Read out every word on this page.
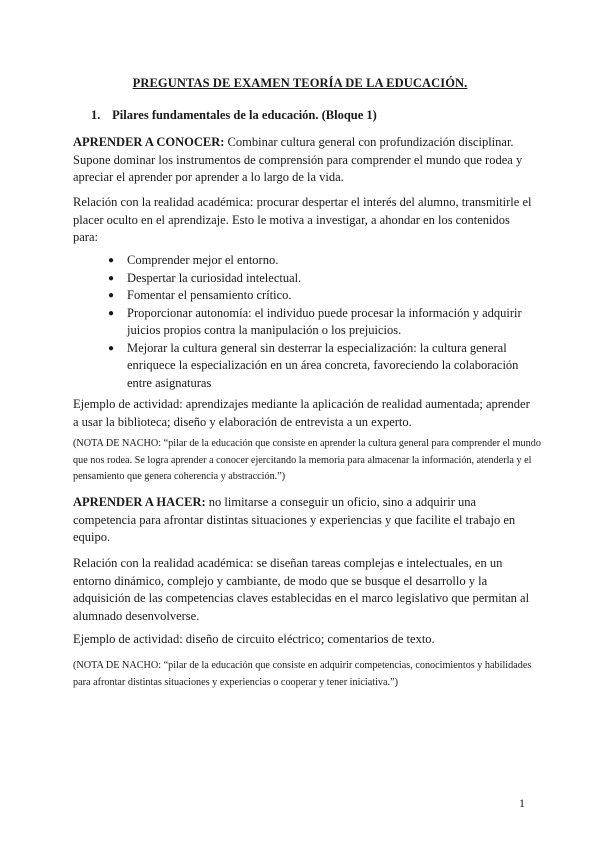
PREGUNTAS DE EXAMEN TEORÍA DE LA EDUCACIÓN.
1. Pilares fundamentales de la educación. (Bloque 1)
APRENDER A CONOCER: Combinar cultura general con profundización disciplinar. Supone dominar los instrumentos de comprensión para comprender el mundo que rodea y apreciar el aprender por aprender a lo largo de la vida.
Relación con la realidad académica: procurar despertar el interés del alumno, transmitirle el placer oculto en el aprendizaje. Esto le motiva a investigar, a ahondar en los contenidos para:
● Comprender mejor el entorno.
● Despertar la curiosidad intelectual.
● Fomentar el pensamiento crítico.
● Proporcionar autonomía: el individuo puede procesar la información y adquirir juicios propios contra la manipulación o los prejuicios.
● Mejorar la cultura general sin desterrar la especialización: la cultura general enriquece la especialización en un área concreta, favoreciendo la colaboración entre asignaturas
Ejemplo de actividad: aprendizajes mediante la aplicación de realidad aumentada; aprender a usar la biblioteca; diseño y elaboración de entrevista a un experto.
(NOTA DE NACHO: “pilar de la educación que consiste en aprender la cultura general para comprender el mundo que nos rodea. Se logra aprender a conocer ejercitando la memoria para almacenar la información, atenderla y el pensamiento que genera coherencia y abstracción.”)
APRENDER A HACER: no limitarse a conseguir un oficio, sino a adquirir una competencia para afrontar distintas situaciones y experiencias y que facilite el trabajo en equipo.
Relación con la realidad académica: se diseñan tareas complejas e intelectuales, en un entorno dinámico, complejo y cambiante, de modo que se busque el desarrollo y la adquisición de las competencias claves establecidas en el marco legislativo que permitan al alumnado desenvolverse.
Ejemplo de actividad: diseño de circuito eléctrico; comentarios de texto.
(NOTA DE NACHO: “pilar de la educación que consiste en adquirir competencias, conocimientos y habilidades para afrontar distintas situaciones y experiencias o cooperar y tener iniciativa.”)
1
